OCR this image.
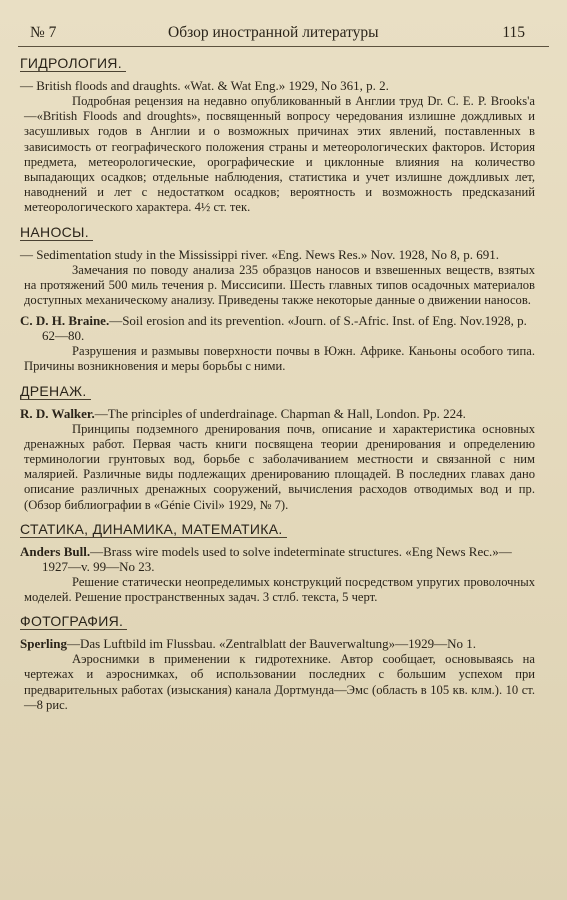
№ 7	Обзор иностранной литературы	115
ГИДРОЛОГИЯ.
— British floods and draughts. «Wat. & Wat Eng.» 1929, No 361, p. 2.
Подробная рецензия на недавно опубликованный в Англии труд Dr. C. E. P. Brooks'a—«British Floods and droughts», посвященный вопросу чередования излишне дождливых и засушливых годов в Англии и о возможных причинах этих явлений, поставленных в зависимость от географического положения страны и метеорологических факторов. История предмета, метеорологические, орографические и циклонные влияния на количество выпадающих осадков; отдельные наблюдения, статистика и учет излишне дождливых лет, наводнений и лет с недостатком осадков; вероятность и возможность предсказаний метеорологического характера. 4½ ст. тек.
НАНОСЫ.
— Sedimentation study in the Mississippi river. «Eng. News Res.» Nov. 1928, No 8, p. 691.
Замечания по поводу анализа 235 образцов наносов и взвешенных веществ, взятых на протяжений 500 миль течения р. Миссисипи. Шесть главных типов осадочных материалов доступных механическому анализу. Приведены также некоторые данные о движении наносов.
C. D. H. Braine.—Soil erosion and its prevention. «Journ. of S.-Afric. Inst. of Eng. Nov.1928, p. 62—80.
Разрушения и размывы поверхности почвы в Южн. Африке. Каньоны особого типа. Причины возникновения и меры борьбы с ними.
ДРЕНАЖ.
R. D. Walker.—The principles of underdrainage. Chapman & Hall, London. Pp. 224.
Принципы подземного дренирования почв, описание и характеристика основных дренажных работ. Первая часть книги посвящена теории дренирования и определению терминологии грунтовых вод, борьбе с заболачиванием местности и связанной с ним малярией. Различные виды подлежащих дренированию площадей. В последних главах дано описание различных дренажных сооружений, вычисления расходов отводимых вод и пр. (Обзор библиографии в «Génie Civil» 1929, № 7).
СТАТИКА, ДИНАМИКА, МАТЕМАТИКА.
Anders Bull.—Brass wire models used to solve indeterminate structures. «Eng News Rec.»—1927—v. 99—No 23.
Решение статически неопределимых конструкций посредством упругих проволочных моделей. Решение пространственных задач. 3 стлб. текста, 5 черт.
ФОТОГРАФИЯ.
Sperling—Das Luftbild im Flussbau. «Zentralblatt der Bauverwaltung»—1929—No 1.
Аэроснимки в применении к гидротехнике. Автор сообщает, основываясь на чертежах и аэроснимках, об использовании последних с большим успехом при предварительных работах (изыскания) канала Дортмунда—Эмс (область в 105 кв. клм.). 10 ст.—8 рис.
